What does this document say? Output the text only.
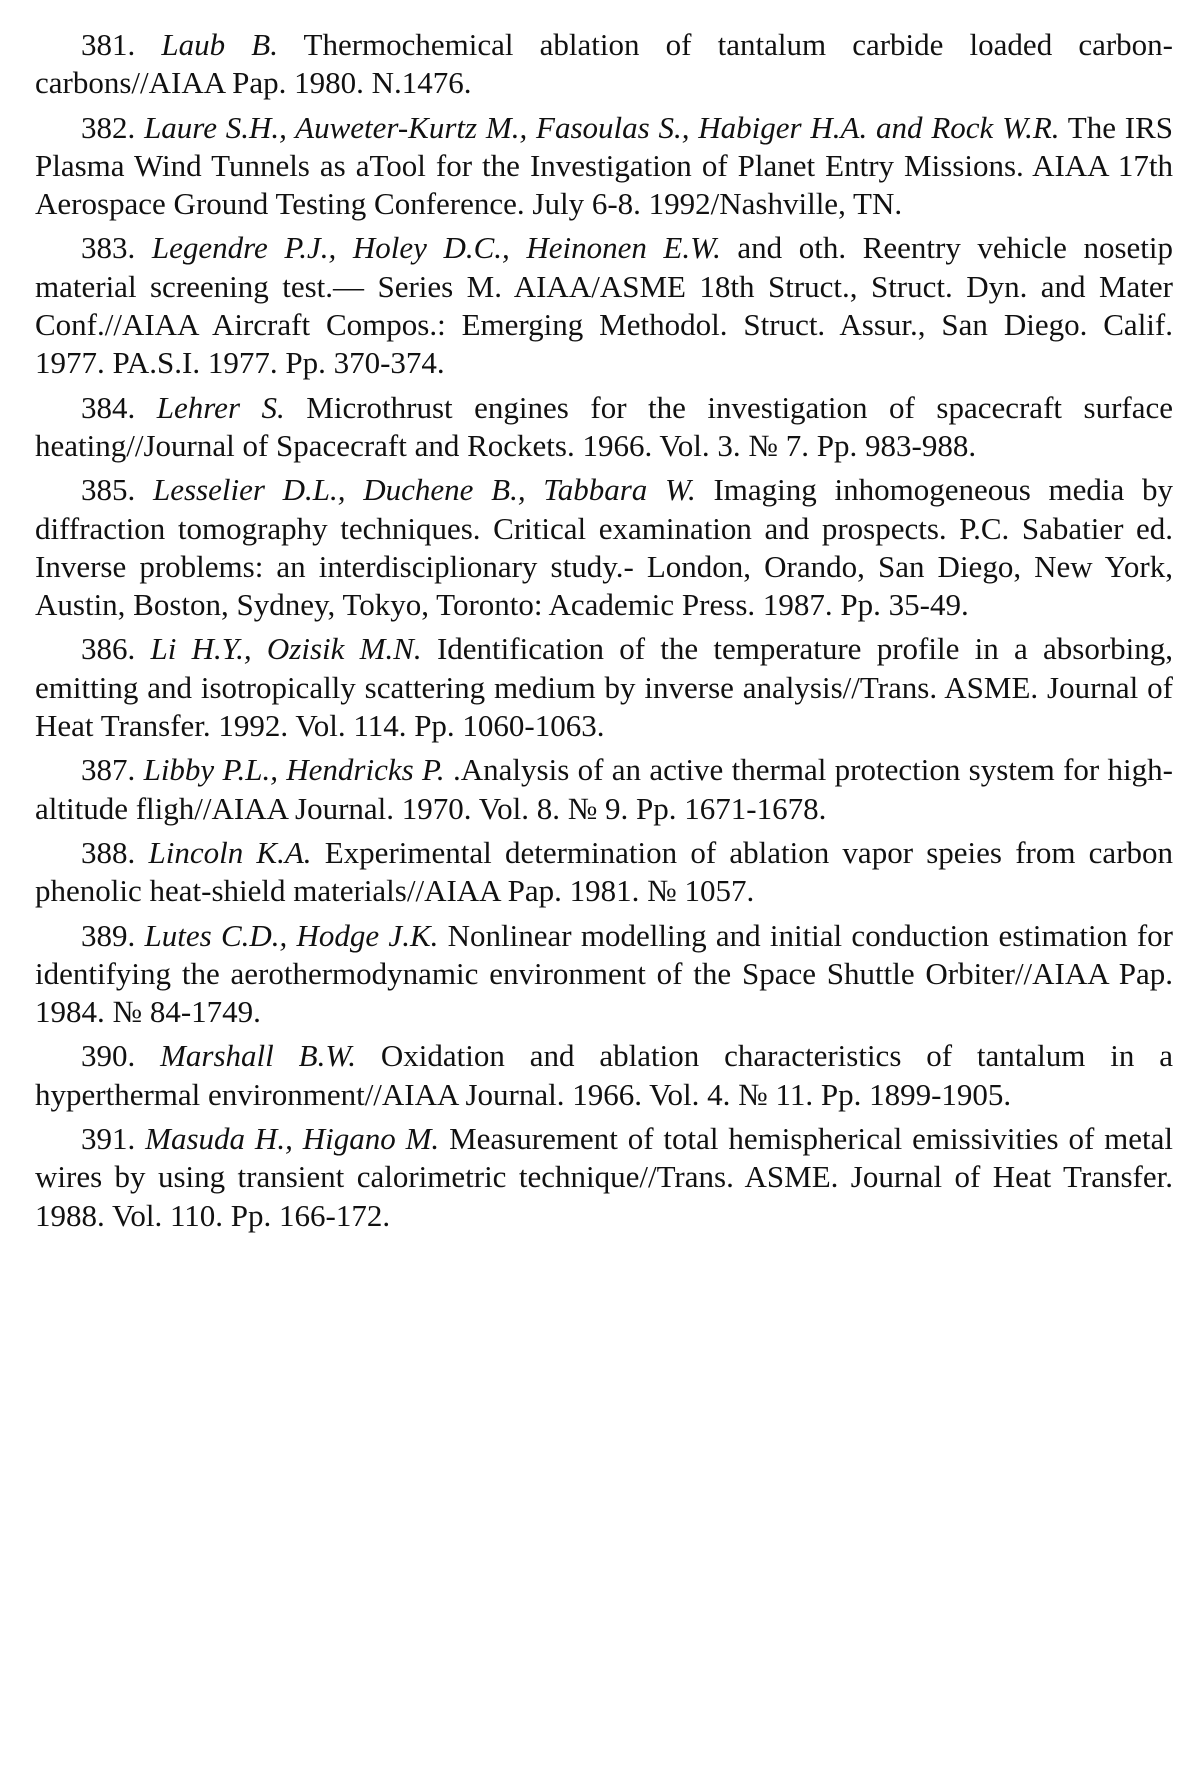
381. Laub B. Thermochemical ablation of tantalum carbide loaded carbon-carbons//AIAA Pap. 1980. N.1476.

382. Laure S.H., Auweter-Kurtz M., Fasoulas S., Habiger H.A. and Rock W.R. The IRS Plasma Wind Tunnels as aTool for the Investigation of Planet Entry Missions. AIAA 17th Aerospace Ground Testing Conference. July 6-8. 1992/Nashville, TN.

383. Legendre P.J., Holey D.C., Heinonen E.W. and oth. Reentry vehicle nosetip material screening test.— Series M. AIAA/ASME 18th Struct., Struct. Dyn. and Mater Conf.//AIAA Aircraft Compos.: Emerging Methodol. Struct. Assur., San Diego. Calif. 1977. PA.S.I. 1977. Pp. 370-374.

384. Lehrer S. Microthrust engines for the investigation of spacecraft surface heating//Journal of Spacecraft and Rockets. 1966. Vol. 3. № 7. Pp. 983-988.

385. Lesselier D.L., Duchene B., Tabbara W. Imaging inhomogeneous media by diffraction tomography techniques. Critical examination and prospects. P.C. Sabatier ed. Inverse problems: an interdisciplionary study.- London, Orando, San Diego, New York, Austin, Boston, Sydney, Tokyo, Toronto: Academic Press. 1987. Pp. 35-49.

386. Li H.Y., Ozisik M.N. Identification of the temperature profile in a absorbing, emitting and isotropically scattering medium by inverse analysis//Trans. ASME. Journal of Heat Transfer. 1992. Vol. 114. Pp. 1060-1063.

387. Libby P.L., Hendricks P. .Analysis of an active thermal protection system for high-altitude fligh//AIAA Journal. 1970. Vol. 8. № 9. Pp. 1671-1678.

388. Lincoln K.A. Experimental determination of ablation vapor speies from carbon phenolic heat-shield materials//AIAA Pap. 1981. № 1057.

389. Lutes C.D., Hodge J.K. Nonlinear modelling and initial conduction estimation for identifying the aerothermodynamic environment of the Space Shuttle Orbiter//AIAA Pap. 1984. № 84-1749.

390. Marshall B.W. Oxidation and ablation characteristics of tantalum in a hyperthermal environment//AIAA Journal. 1966. Vol. 4. № 11. Pp. 1899-1905.

391. Masuda H., Higano M. Measurement of total hemispherical emissivities of metal wires by using transient calorimetric technique//Trans. ASME. Journal of Heat Transfer. 1988. Vol. 110. Pp. 166-172.
